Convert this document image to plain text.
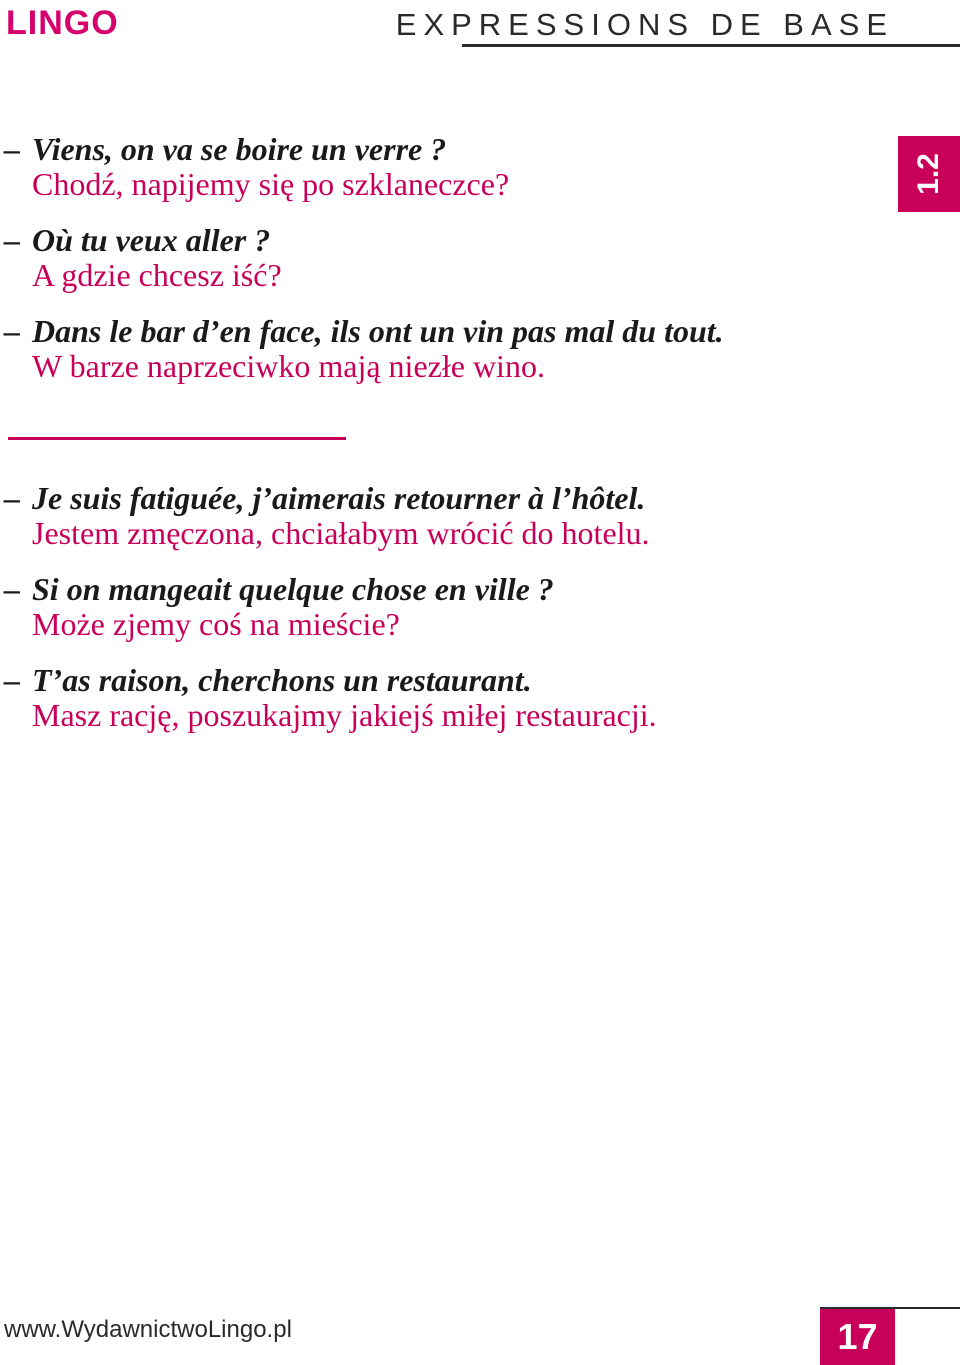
LINGO	EXPRESSIONS DE BASE
1.2
– Viens, on va se boire un verre ?
Chodź, napijemy się po szklaneczce?
– Où tu veux aller ?
A gdzie chcesz iść?
– Dans le bar d’en face, ils ont un vin pas mal du tout.
W barze naprzeciwko mają niezłe wino.
– Je suis fatiguée, j’aimerais retourner à l’hôtel.
Jestem zmęczona, chciałabym wrócić do hotelu.
– Si on mangeait quelque chose en ville ?
Może zjemy coś na mieście?
– T’as raison, cherchons un restaurant.
Masz rację, poszukajmy jakiejś miłej restauracji.
www.WydawnictwoLingo.pl	17
